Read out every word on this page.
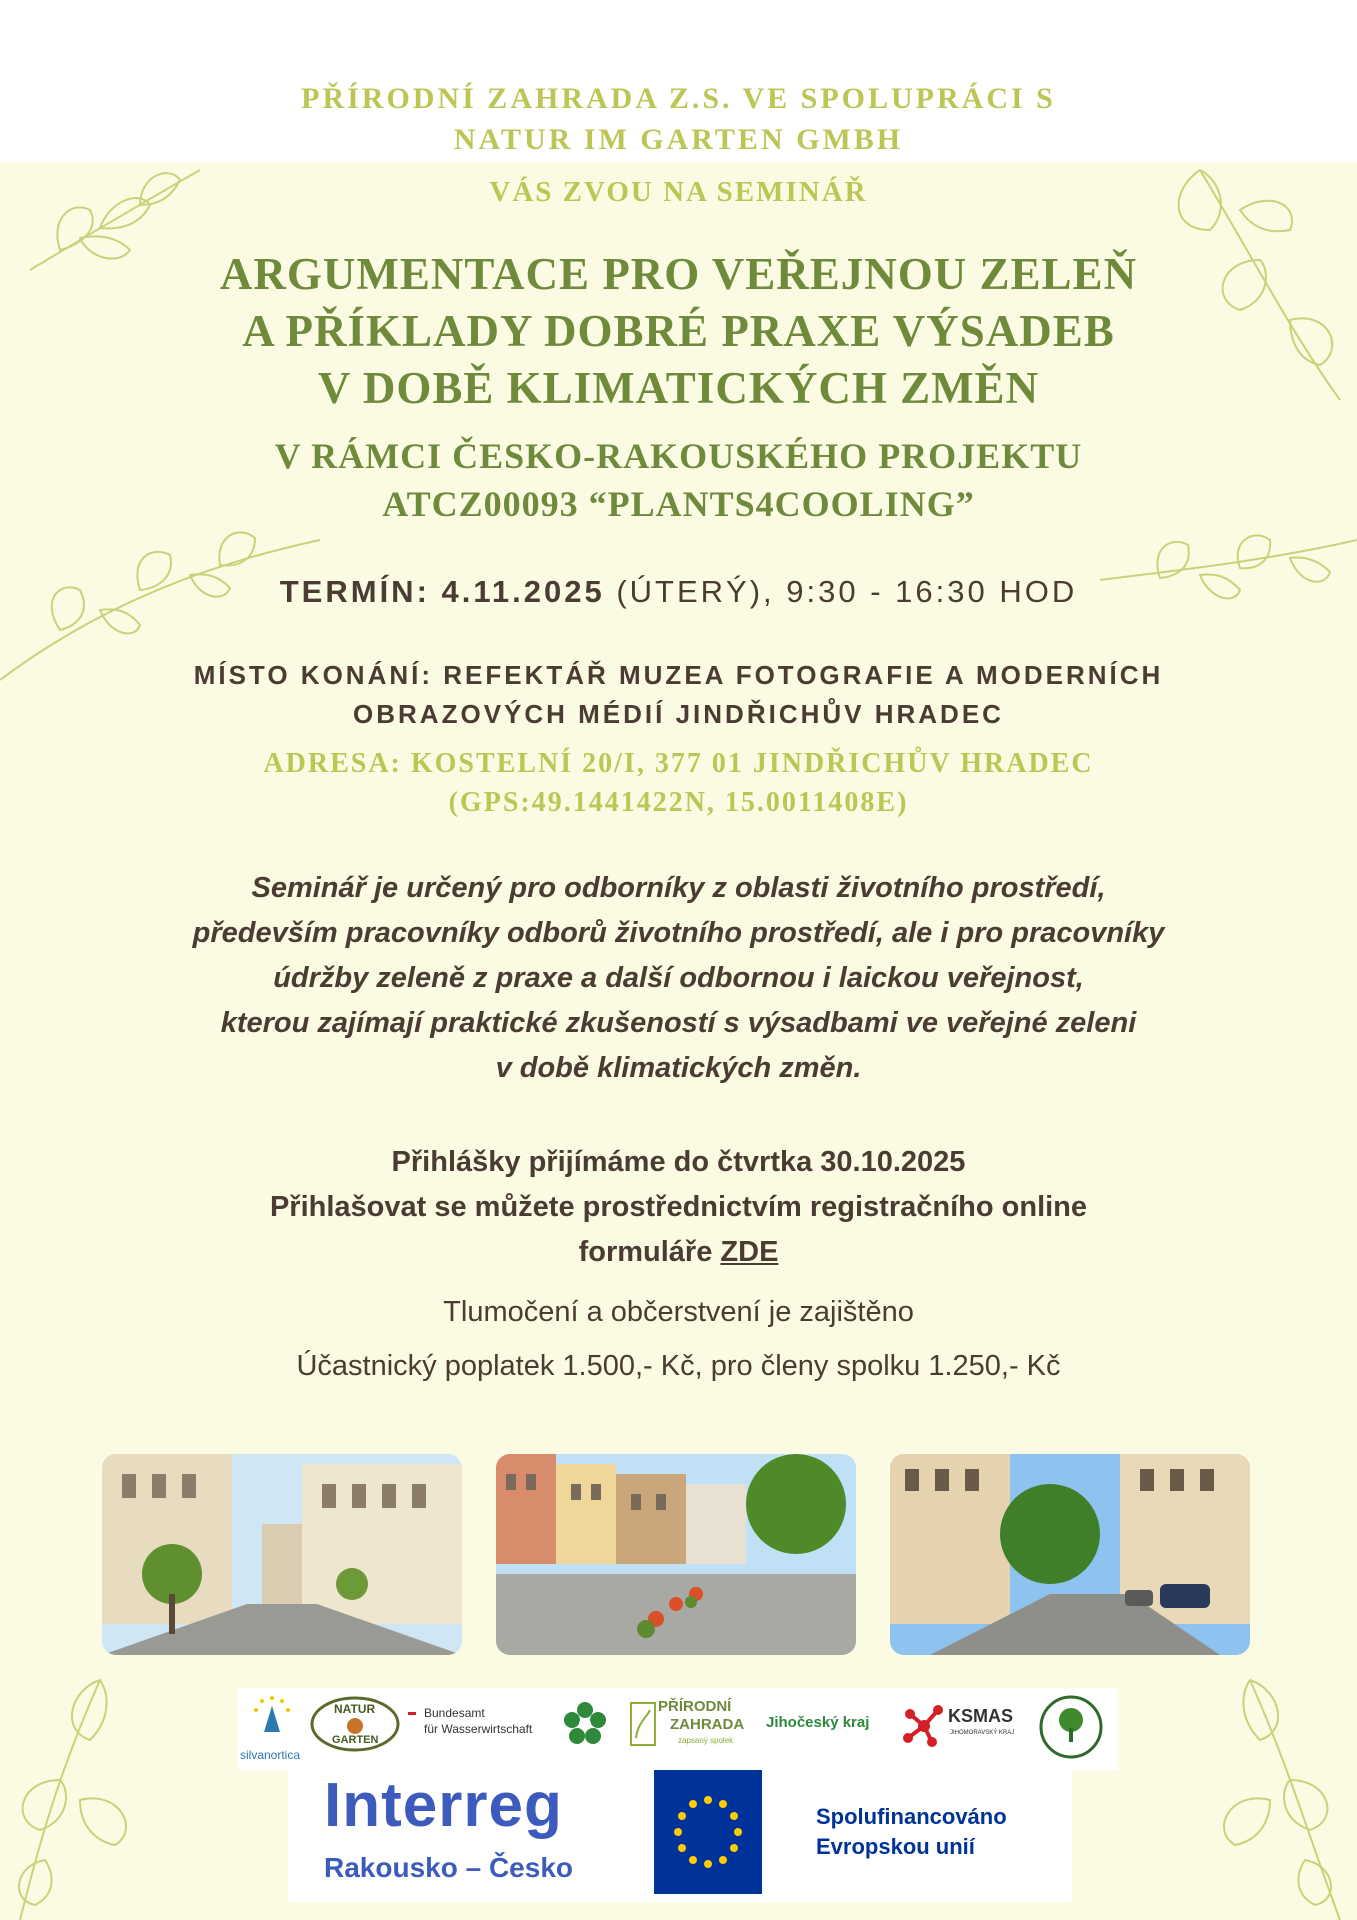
PŘÍRODNÍ ZAHRADA Z.S. VE SPOLUPRÁCI S
NATUR IM GARTEN GMBH
VÁS ZVOU NA SEMINÁŘ
ARGUMENTACE PRO VEŘEJNOU ZELEŇ
A PŘÍKLADY DOBRÉ PRAXE VÝSADEB
V DOBĚ KLIMATICKÝCH ZMĚN
V RÁMCI ČESKO-RAKOUSKÉHO PROJEKTU
ATCZ00093 “PLANTS4COOLING”
TERMÍN: 4.11.2025 (ÚTERÝ), 9:30 - 16:30 HOD
MÍSTO KONÁNÍ: REFEKTÁŘ MUZEA FOTOGRAFIE A MODERNÍCH
OBRAZOVÝCH MÉDIÍ JINDŘICHŮV HRADEC
ADRESA: KOSTELNÍ 20/I, 377 01 JINDŘICHŮV HRADEC
(GPS:49.1441422N, 15.0011408E)
Seminář je určený pro odborníky z oblasti životního prostředí,
především pracovníky odborů životního prostředí, ale i pro pracovníky
údržby zeleně z praxe a další odbornou i laickou veřejnost,
kterou zajímají praktické zkušeností s výsadbami ve veřejné zeleni
v době klimatických změn.
Přihlášky přijímáme do čtvrtka 30.10.2025
Přihlašovat se můžete prostřednictvím registračního online
formuláře ZDE
Tlumočení a občerstvení je zajištěno
Účastnický poplatek 1.500,- Kč, pro členy spolku 1.250,- Kč
silvanortica
NATUR
GARTEN
Bundesamt
für Wasserwirtschaft
PŘÍRODNÍ
ZAHRADA
zapsaný spolek
Jihočeský kraj	KSMAS
JIHOMORAVSKÝ KRAJ
Interreg
Rakousko – Česko
Spolufinancováno
Evropskou unií
